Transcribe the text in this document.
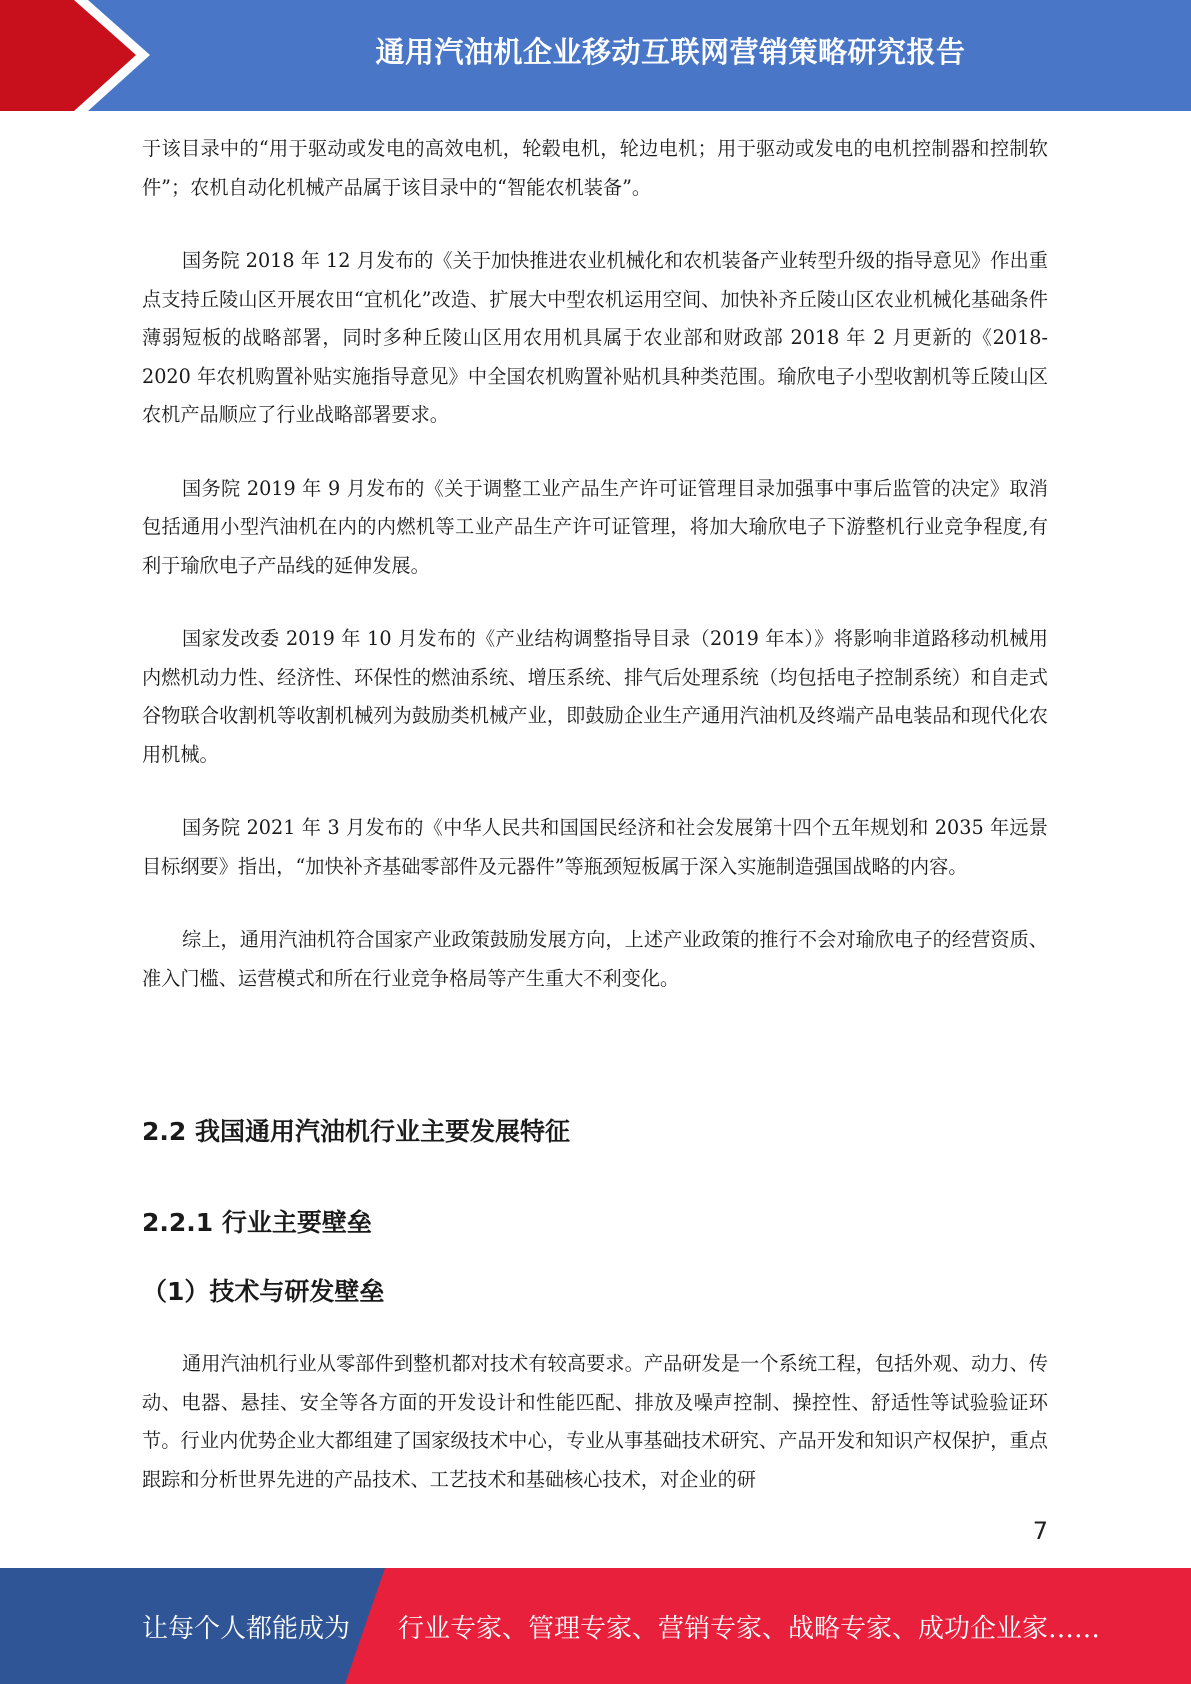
通用汽油机企业移动互联网营销策略研究报告

于该目录中的“用于驱动或发电的高效电机，轮毂电机，轮边电机；用于驱动或发电的电机控制器和控制软件”；农机自动化机械产品属于该目录中的“智能农机装备”。

国务院 2018 年 12 月发布的《关于加快推进农业机械化和农机装备产业转型升级的指导意见》作出重点支持丘陵山区开展农田“宜机化”改造、扩展大中型农机运用空间、加快补齐丘陵山区农业机械化基础条件薄弱短板的战略部署，同时多种丘陵山区用农用机具属于农业部和财政部 2018 年 2 月更新的《2018-2020 年农机购置补贴实施指导意见》中全国农机购置补贴机具种类范围。瑜欣电子小型收割机等丘陵山区农机产品顺应了行业战略部署要求。

国务院 2019 年 9 月发布的《关于调整工业产品生产许可证管理目录加强事中事后监管的决定》取消包括通用小型汽油机在内的内燃机等工业产品生产许可证管理，将加大瑜欣电子下游整机行业竞争程度,有利于瑜欣电子产品线的延伸发展。

国家发改委 2019 年 10 月发布的《产业结构调整指导目录（2019 年本）》将影响非道路移动机械用内燃机动力性、经济性、环保性的燃油系统、增压系统、排气后处理系统（均包括电子控制系统）和自走式谷物联合收割机等收割机械列为鼓励类机械产业，即鼓励企业生产通用汽油机及终端产品电装品和现代化农用机械。

国务院 2021 年 3 月发布的《中华人民共和国国民经济和社会发展第十四个五年规划和 2035 年远景目标纲要》指出，“加快补齐基础零部件及元器件”等瓶颈短板属于深入实施制造强国战略的内容。

综上，通用汽油机符合国家产业政策鼓励发展方向，上述产业政策的推行不会对瑜欣电子的经营资质、准入门槛、运营模式和所在行业竞争格局等产生重大不利变化。

2.2 我国通用汽油机行业主要发展特征
2.2.1 行业主要壁垒
（1）技术与研发壁垒

通用汽油机行业从零部件到整机都对技术有较高要求。产品研发是一个系统工程，包括外观、动力、传动、电器、悬挂、安全等各方面的开发设计和性能匹配、排放及噪声控制、操控性、舒适性等试验验证环节。行业内优势企业大都组建了国家级技术中心，专业从事基础技术研究、产品开发和知识产权保护，重点跟踪和分析世界先进的产品技术、工艺技术和基础核心技术，对企业的研

7
让每个人都能成为 行业专家、管理专家、营销专家、战略专家、成功企业家……
